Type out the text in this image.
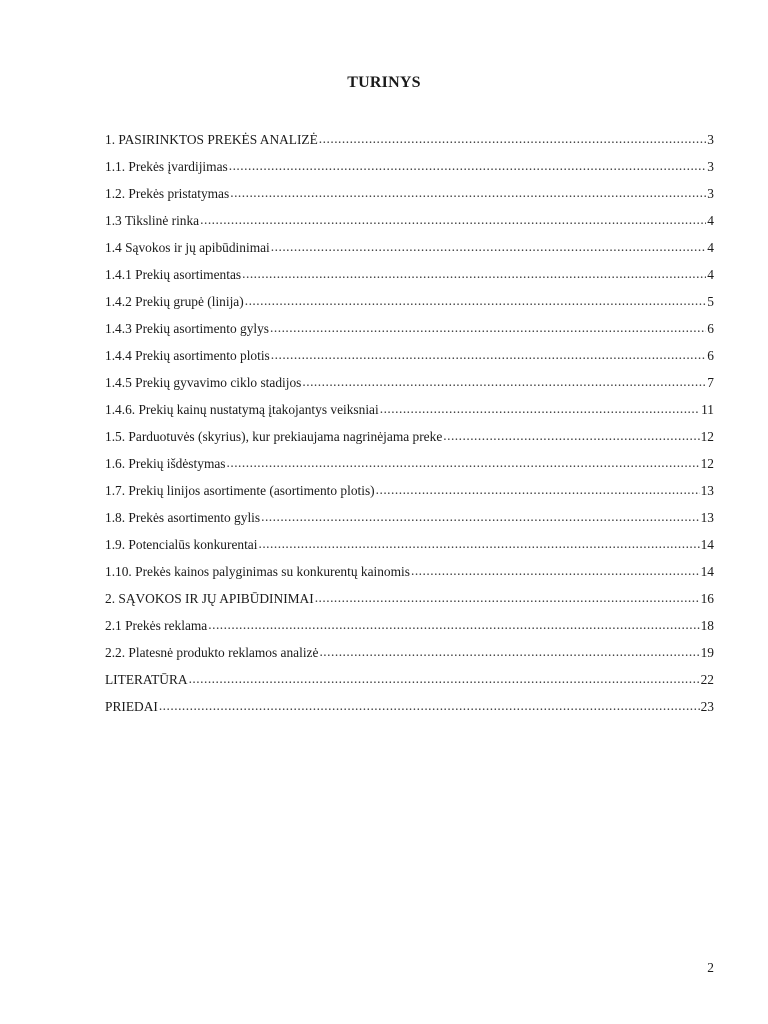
TURINYS
1. PASIRINKTOS PREKĖS ANALIZĖ .....	3
1.1. Prekės įvardijimas .....	3
1.2. Prekės pristatymas .....	3
1.3 Tikslinė rinka .....	4
1.4 Sąvokos ir jų apibūdinimai .....	4
1.4.1 Prekių asortimentas .....	4
1.4.2 Prekių grupė (linija) .....	5
1.4.3 Prekių asortimento gylys .....	6
1.4.4 Prekių asortimento plotis .....	6
1.4.5 Prekių gyvavimo ciklo stadijos .....	7
1.4.6. Prekių kainų nustatymą įtakojantys veiksniai .....	11
1.5. Parduotuvės (skyrius), kur prekiaujama nagrinėjama preke .....	12
1.6. Prekių išdėstymas .....	12
1.7. Prekių linijos asortimente (asortimento plotis) .....	13
1.8. Prekės asortimento gylis .....	13
1.9. Potencialūs konkurentai .....	14
1.10. Prekės kainos palyginimas su konkurentų kainomis .....	14
2. SĄVOKOS IR JŲ APIBŪDINIMAI .....	16
2.1 Prekės reklama .....	18
2.2. Platesnė produkto reklamos analizė .....	19
LITERATŪRA .....	22
PRIEDAI .....	23
2
